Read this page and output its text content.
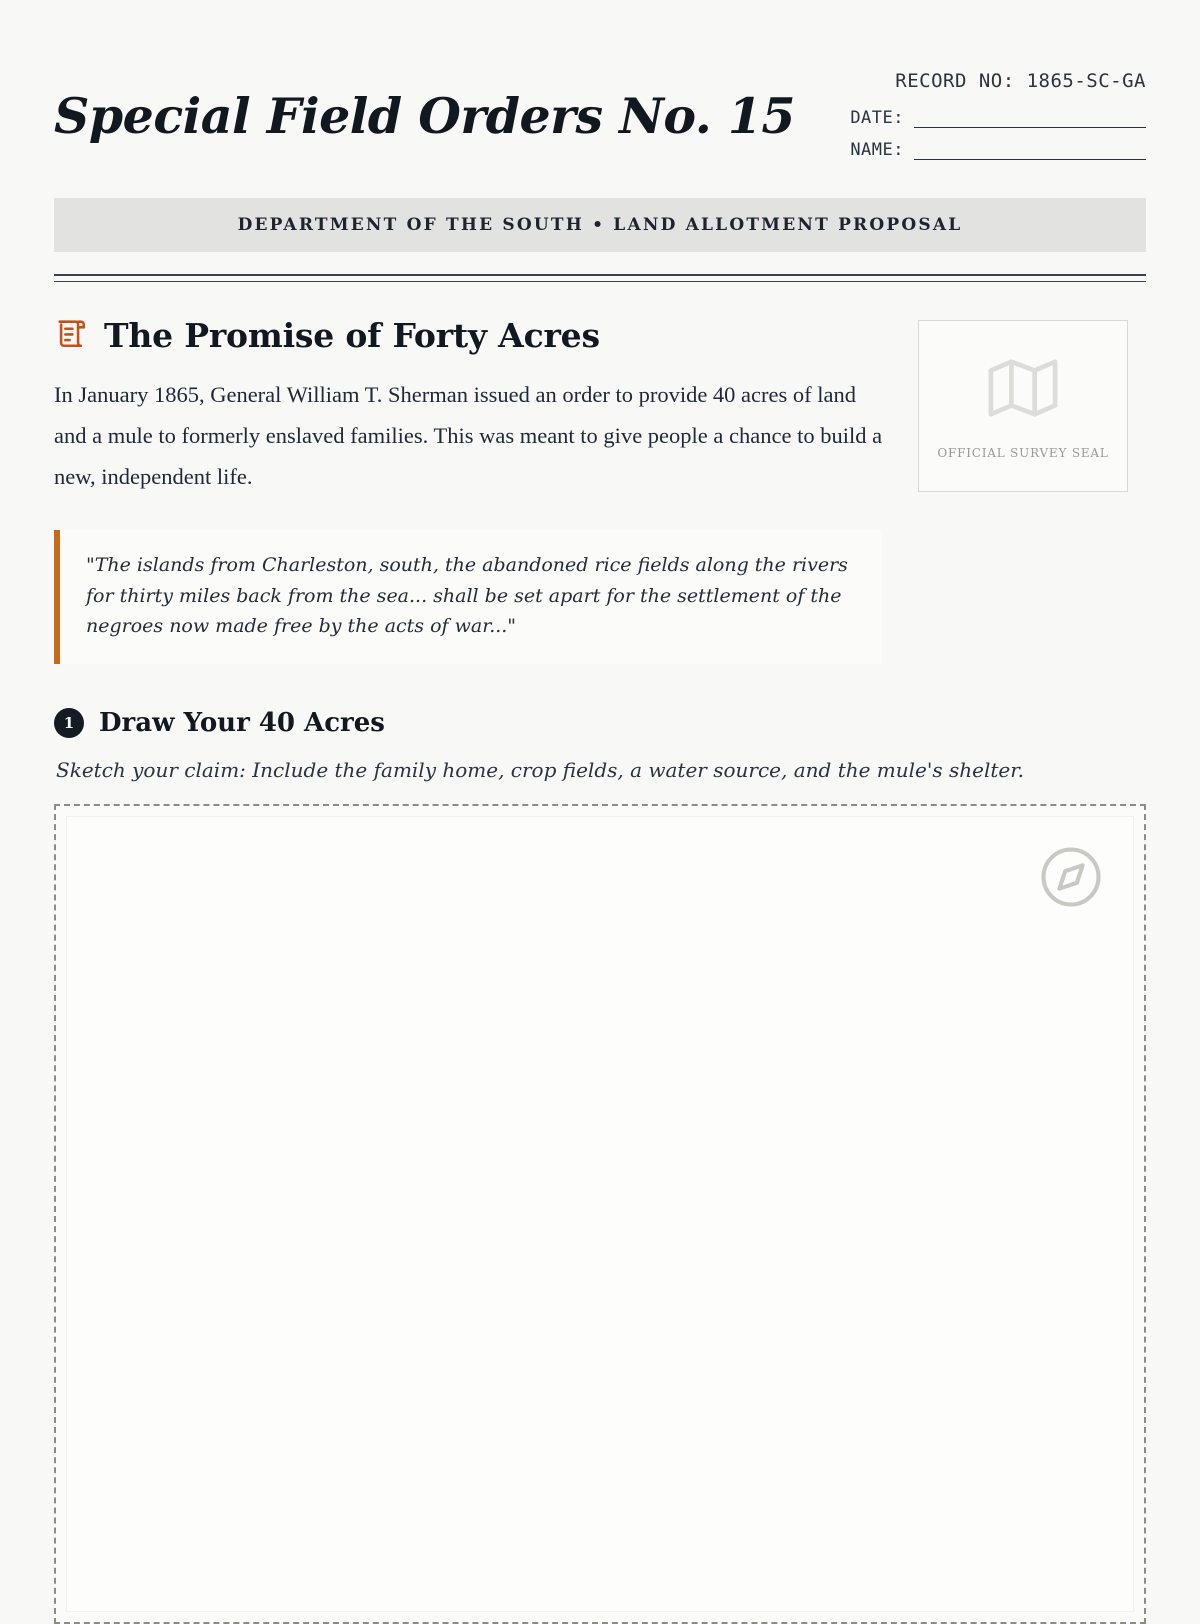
Special Field Orders No. 15
RECORD NO: 1865-SC-GA
DATE:
NAME:
DEPARTMENT OF THE SOUTH • LAND ALLOTMENT PROPOSAL
The Promise of Forty Acres

In January 1865, General William T. Sherman issued an order to provide 40 acres of land and a mule to formerly enslaved families. This was meant to give people a chance to build a new, independent life.

"The islands from Charleston, south, the abandoned rice fields along the rivers for thirty miles back from the sea... shall be set apart for the settlement of the negroes now made free by the acts of war..."

OFFICIAL SURVEY SEAL
1 Draw Your 40 Acres

Sketch your claim: Include the family home, crop fields, a water source, and the mule's shelter.
